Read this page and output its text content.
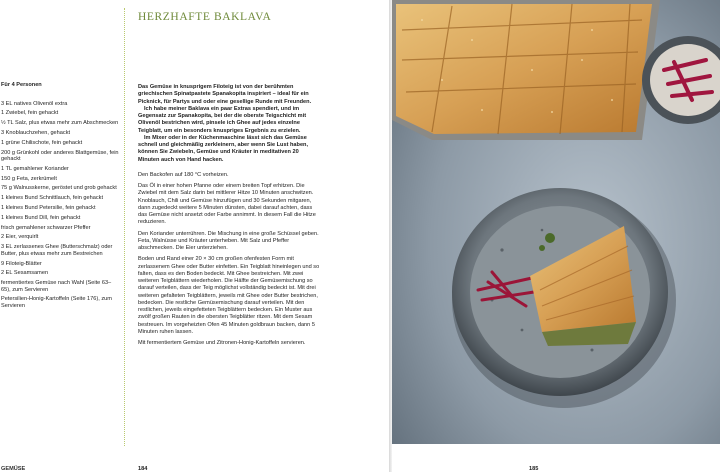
HERZHAFTE BAKLAVA
Für 4 Personen
3 EL natives Olivenöl extra
1 Zwiebel, fein gehackt
½ TL Salz, plus etwas mehr zum Abschmecken
3 Knoblauchzehen, gehackt
1 grüne Chilischote, fein gehackt
200 g Grünkohl oder anderes Blattgemüse, fein gehackt
1 TL gemahlener Koriander
150 g Feta, zerkrümelt
75 g Walnusskerne, geröstet und grob gehackt
1 kleines Bund Schnittlauch, fein gehackt
1 kleines Bund Petersilie, fein gehackt
1 kleines Bund Dill, fein gehackt
frisch gemahlener schwarzer Pfeffer
2 Eier, verquirlt
3 EL zerlassenes Ghee (Butterschmalz) oder Butter, plus etwas mehr zum Bestreichen
9 Filoteig-Blätter
2 EL Sesamsamen
fermentiertes Gemüse nach Wahl (Seite 63–65), zum Servieren
Petersilien-Honig-Kartoffeln (Seite 176), zum Servieren

Das Gemüse in knusprigem Filoteig ist von der berühmten griechischen Spinatpastete Spanakopita inspiriert – ideal für ein Picknick, für Partys und oder eine gesellige Runde mit Freunden.

Ich habe meiner Baklava ein paar Extras spendiert, und im Gegensatz zur Spanakopita, bei der die oberste Teigschicht mit Olivenöl bestrichen wird, pinsele ich Ghee auf jedes einzelne Teigblatt, um ein besonders knuspriges Ergebnis zu erzielen.

Im Mixer oder in der Küchenmaschine lässt sich das Gemüse schnell und gleichmäßig zerkleinern, aber wenn Sie Lust haben, können Sie Zwiebeln, Gemüse und Kräuter in meditativen 20 Minuten auch von Hand hacken.

Den Backofen auf 180 °C vorheizen.

Das Öl in einer hohen Pfanne oder einem breiten Topf erhitzen. Die Zwiebel mit dem Salz darin bei mittlerer Hitze 10 Minuten anschwitzen. Knoblauch, Chili und Gemüse hinzufügen und 30 Sekunden mitgaren, dann zugedeckt weitere 5 Minuten dünsten, dabei darauf achten, dass das Gemüse nicht ansetzt oder Farbe annimmt. In diesem Fall die Hitze reduzieren.

Den Koriander unterrühren. Die Mischung in eine große Schüssel geben. Feta, Walnüsse und Kräuter unterheben. Mit Salz und Pfeffer abschmecken. Die Eier unterziehen.

Boden und Rand einer 20 × 30 cm großen ofenfesten Form mit zerlassenem Ghee oder Butter einfetten. Ein Teigblatt hineinlegen und so falten, dass es den Boden bedeckt. Mit Ghee bestreichen. Mit zwei weiteren Teigblättern wiederholen. Die Hälfte der Gemüsemischung so darauf verteilen, dass der Teig möglichst vollständig bedeckt ist. Mit drei weiteren gefalteten Teigblättern, jeweils mit Ghee oder Butter bestrichen, bedecken. Die restliche Gemüsemischung darauf verteilen. Mit den restlichen, jeweils eingefetteten Teigblättern bedecken. Ein Muster aus zwölf großen Rauten in die obersten Teigblätter ritzen. Mit dem Sesam bestreuen. Im vorgeheizten Ofen 45 Minuten goldbraun backen, dann 5 Minuten ruhen lassen.

Mit fermentiertem Gemüse und Zitronen-Honig-Kartoffeln servieren.

GEMÜSE	184	185
